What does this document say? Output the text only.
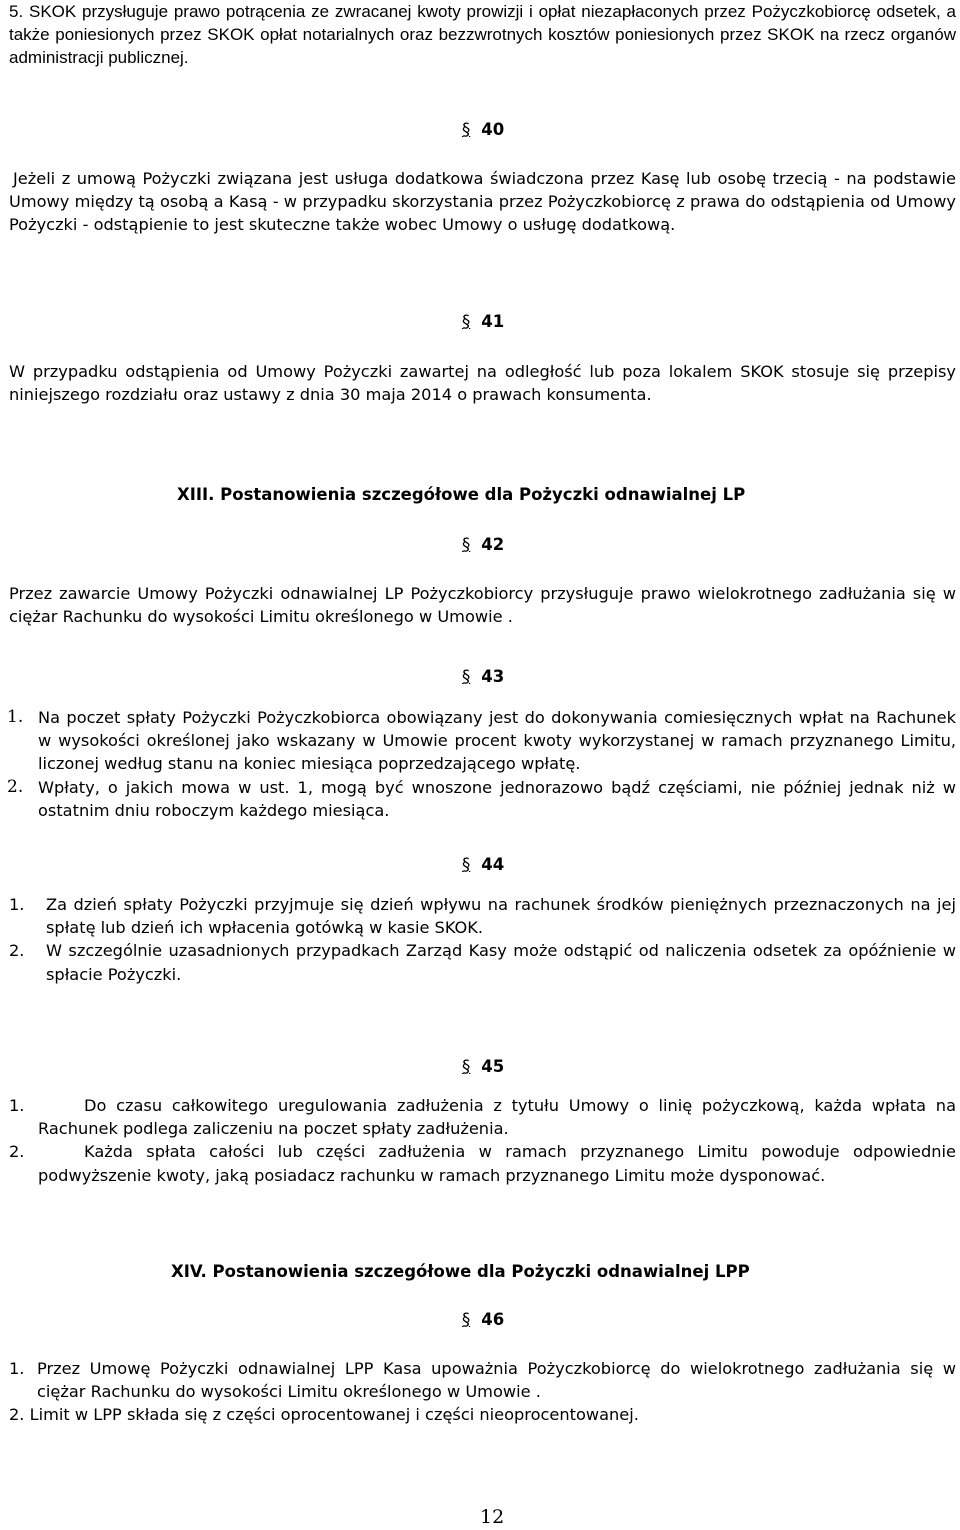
5. SKOK przysługuje prawo potrącenia ze zwracanej kwoty prowizji i opłat niezapłaconych przez Pożyczkobiorcę odsetek, a także poniesionych przez SKOK opłat notarialnych oraz bezzwrotnych kosztów poniesionych przez SKOK na rzecz organów administracji publicznej.

§ 40

Jeżeli z umową Pożyczki związana jest usługa dodatkowa świadczona przez Kasę lub osobę trzecią - na podstawie Umowy między tą osobą a Kasą - w przypadku skorzystania przez Pożyczkobiorcę z prawa do odstąpienia od Umowy Pożyczki - odstąpienie to jest skuteczne także wobec Umowy o usługę dodatkową.

§ 41

W przypadku odstąpienia od Umowy Pożyczki zawartej na odległość lub poza lokalem SKOK stosuje się przepisy niniejszego rozdziału oraz ustawy z dnia 30 maja 2014 o prawach konsumenta.

XIII. Postanowienia szczegółowe dla Pożyczki odnawialnej LP
§ 42

Przez zawarcie Umowy Pożyczki odnawialnej LP Pożyczkobiorcy przysługuje prawo wielokrotnego zadłużania się w ciężar Rachunku do wysokości Limitu określonego w Umowie .

§ 43
1. Na poczet spłaty Pożyczki Pożyczkobiorca obowiązany jest do dokonywania comiesięcznych wpłat na Rachunek w wysokości określonej jako wskazany w Umowie procent kwoty wykorzystanej w ramach przyznanego Limitu, liczonej według stanu na koniec miesiąca poprzedzającego wpłatę.
2. Wpłaty, o jakich mowa w ust. 1, mogą być wnoszone jednorazowo bądź częściami, nie później jednak niż w ostatnim dniu roboczym każdego miesiąca.
§ 44
1. Za dzień spłaty Pożyczki przyjmuje się dzień wpływu na rachunek środków pieniężnych przeznaczonych na jej spłatę lub dzień ich wpłacenia gotówką w kasie SKOK.
2. W szczególnie uzasadnionych przypadkach Zarząd Kasy może odstąpić od naliczenia odsetek za opóźnienie w spłacie Pożyczki.
§ 45
1.	Do czasu całkowitego uregulowania zadłużenia z tytułu Umowy o linię pożyczkową, każda wpłata na Rachunek podlega zaliczeniu na poczet spłaty zadłużenia.
2.	Każda spłata całości lub części zadłużenia w ramach przyznanego Limitu powoduje odpowiednie podwyższenie kwoty, jaką posiadacz rachunku w ramach przyznanego Limitu może dysponować.
XIV. Postanowienia szczegółowe dla Pożyczki odnawialnej LPP
§ 46
1. Przez Umowę Pożyczki odnawialnej LPP Kasa upoważnia Pożyczkobiorcę do wielokrotnego zadłużania się w ciężar Rachunku do wysokości Limitu określonego w Umowie .
2. Limit w LPP składa się z części oprocentowanej i części nieoprocentowanej.
12
